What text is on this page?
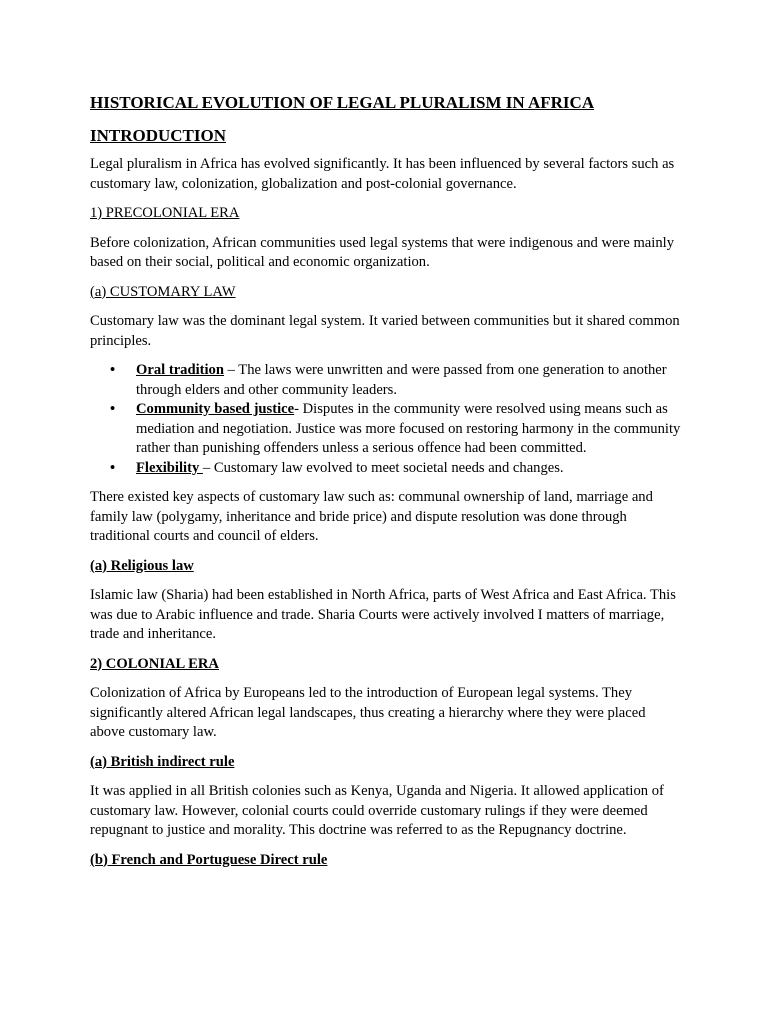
HISTORICAL EVOLUTION OF LEGAL PLURALISM IN AFRICA
INTRODUCTION

Legal pluralism in Africa has evolved significantly. It has been influenced by several factors such as customary law, colonization, globalization and post-colonial governance.

1) PRECOLONIAL ERA

Before colonization, African communities used legal systems that were indigenous and were mainly based on their social, political and economic organization.

(a) CUSTOMARY LAW

Customary law was the dominant legal system. It varied between communities but it shared common principles.

• Oral tradition – The laws were unwritten and were passed from one generation to another through elders and other community leaders.
• Community based justice- Disputes in the community were resolved using means such as mediation and negotiation. Justice was more focused on restoring harmony in the community rather than punishing offenders unless a serious offence had been committed.
• Flexibility – Customary law evolved to meet societal needs and changes.

There existed key aspects of customary law such as: communal ownership of land, marriage and family law (polygamy, inheritance and bride price) and dispute resolution was done through traditional courts and council of elders.

(a) Religious law

Islamic law (Sharia) had been established in North Africa, parts of West Africa and East Africa. This was due to Arabic influence and trade. Sharia Courts were actively involved I matters of marriage, trade and inheritance.

2) COLONIAL ERA

Colonization of Africa by Europeans led to the introduction of European legal systems. They significantly altered African legal landscapes, thus creating a hierarchy where they were placed above customary law.

(a) British indirect rule

It was applied in all British colonies such as Kenya, Uganda and Nigeria. It allowed application of customary law. However, colonial courts could override customary rulings if they were deemed repugnant to justice and morality. This doctrine was referred to as the Repugnancy doctrine.

(b) French and Portuguese Direct rule
